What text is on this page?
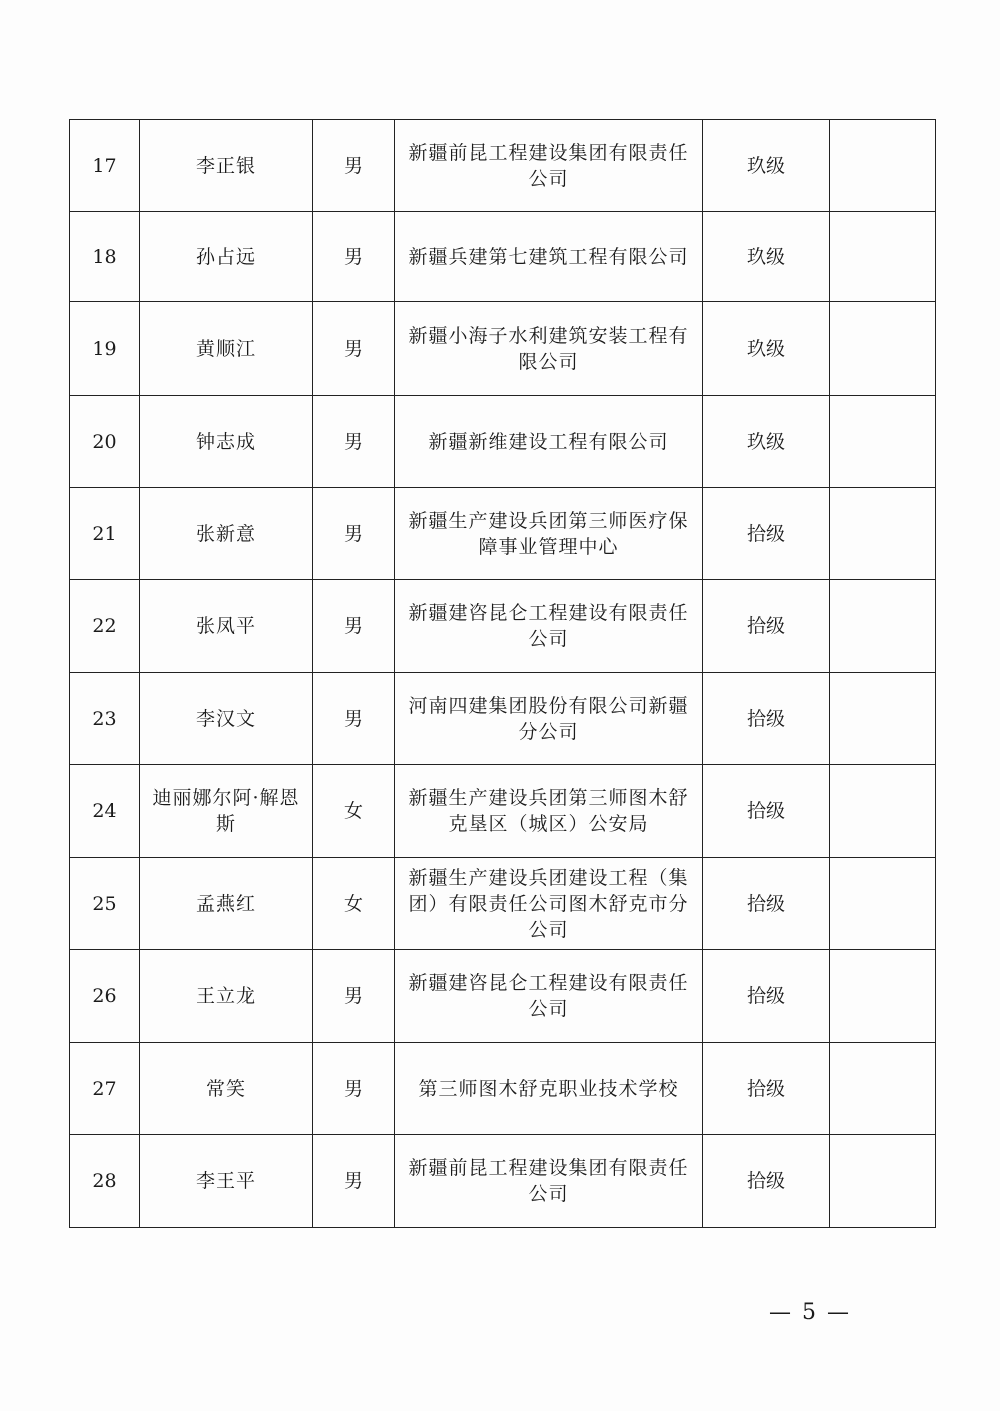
17	李正银	男	新疆前昆工程建设集团有限责任公司	玖级	
18	孙占远	男	新疆兵建第七建筑工程有限公司	玖级	
19	黄顺江	男	新疆小海子水利建筑安装工程有限公司	玖级	
20	钟志成	男	新疆新维建设工程有限公司	玖级	
21	张新意	男	新疆生产建设兵团第三师医疗保障事业管理中心	拾级	
22	张凤平	男	新疆建咨昆仑工程建设有限责任公司	拾级	
23	李汉文	男	河南四建集团股份有限公司新疆分公司	拾级	
24	迪丽娜尔阿·解恩斯	女	新疆生产建设兵团第三师图木舒克垦区（城区）公安局	拾级	
25	孟燕红	女	新疆生产建设兵团建设工程（集团）有限责任公司图木舒克市分公司	拾级	
26	王立龙	男	新疆建咨昆仑工程建设有限责任公司	拾级	
27	常笑	男	第三师图木舒克职业技术学校	拾级	
28	李王平	男	新疆前昆工程建设集团有限责任公司	拾级	
— 5 —
